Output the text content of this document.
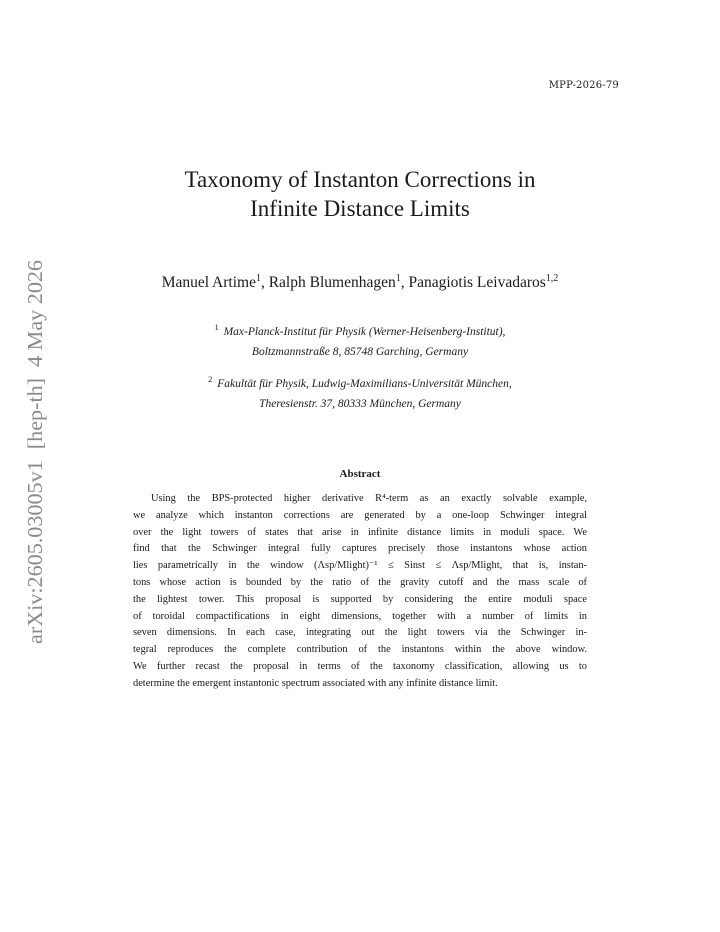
MPP-2026-79
arXiv:2605.03005v1  [hep-th]  4 May 2026
Taxonomy of Instanton Corrections in
Infinite Distance Limits
Manuel Artime$^1$, Ralph Blumenhagen$^1$, Panagiotis Leivadaros$^{1,2}$
$^1$ Max-Planck-Institut für Physik (Werner-Heisenberg-Institut),
Boltzmannstraße 8, 85748 Garching, Germany
$^2$ Fakultät für Physik, Ludwig-Maximilians-Universität München,
Theresienstr. 37, 80333 München, Germany
Abstract
Using the BPS-protected higher derivative R⁴-term as an exactly solvable example,
we analyze which instanton corrections are generated by a one-loop Schwinger integral
over the light towers of states that arise in infinite distance limits in moduli space. We
find that the Schwinger integral fully captures precisely those instantons whose action
lies parametrically in the window (Λsp/Mlight)⁻¹ ≤ Sinst ≤ Λsp/Mlight, that is, instan-
tons whose action is bounded by the ratio of the gravity cutoff and the mass scale of
the lightest tower. This proposal is supported by considering the entire moduli space
of toroidal compactifications in eight dimensions, together with a number of limits in
seven dimensions. In each case, integrating out the light towers via the Schwinger in-
tegral reproduces the complete contribution of the instantons within the above window.
We further recast the proposal in terms of the taxonomy classification, allowing us to
determine the emergent instantonic spectrum associated with any infinite distance limit.
